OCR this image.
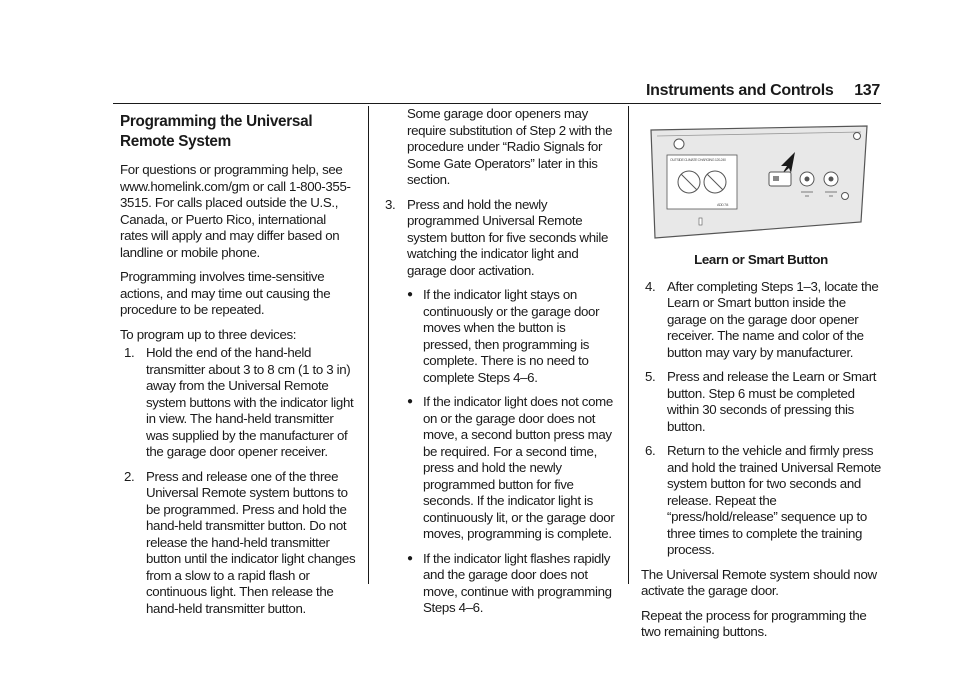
Instruments and Controls 137
Programming the Universal Remote System

For questions or programming help, see www.homelink.com/gm or call 1-800-355-3515. For calls placed outside the U.S., Canada, or Puerto Rico, international rates will apply and may differ based on landline or mobile phone.

Programming involves time-sensitive actions, and may time out causing the procedure to be repeated.

To program up to three devices:

1. Hold the end of the hand-held transmitter about 3 to 8 cm (1 to 3 in) away from the Universal Remote system buttons with the indicator light in view. The hand-held transmitter was supplied by the manufacturer of the garage door opener receiver.
2. Press and release one of the three Universal Remote system buttons to be programmed. Press and hold the hand-held transmitter button. Do not release the hand-held transmitter button until the indicator light changes from a slow to a rapid flash or continuous light. Then release the hand-held transmitter button.

Some garage door openers may require substitution of Step 2 with the procedure under “Radio Signals for Some Gate Operators” later in this section.

3. Press and hold the newly programmed Universal Remote system button for five seconds while watching the indicator light and garage door activation.
● If the indicator light stays on continuously or the garage door moves when the button is pressed, then programming is complete. There is no need to complete Steps 4–6.
● If the indicator light does not come on or the garage door does not move, a second button press may be required. For a second time, press and hold the newly programmed button for five seconds. If the indicator light is continuously lit, or the garage door moves, programming is complete.
● If the indicator light flashes rapidly and the garage door does not move, continue with programming Steps 4–6.
OUTSIDE CLIMATE CHARGING 120-240
ADD 7/4
Learn or Smart Button
4. After completing Steps 1–3, locate the Learn or Smart button inside the garage on the garage door opener receiver. The name and color of the button may vary by manufacturer.
5. Press and release the Learn or Smart button. Step 6 must be completed within 30 seconds of pressing this button.
6. Return to the vehicle and firmly press and hold the trained Universal Remote system button for two seconds and release. Repeat the “press/hold/release” sequence up to three times to complete the training process.

The Universal Remote system should now activate the garage door.

Repeat the process for programming the two remaining buttons.
